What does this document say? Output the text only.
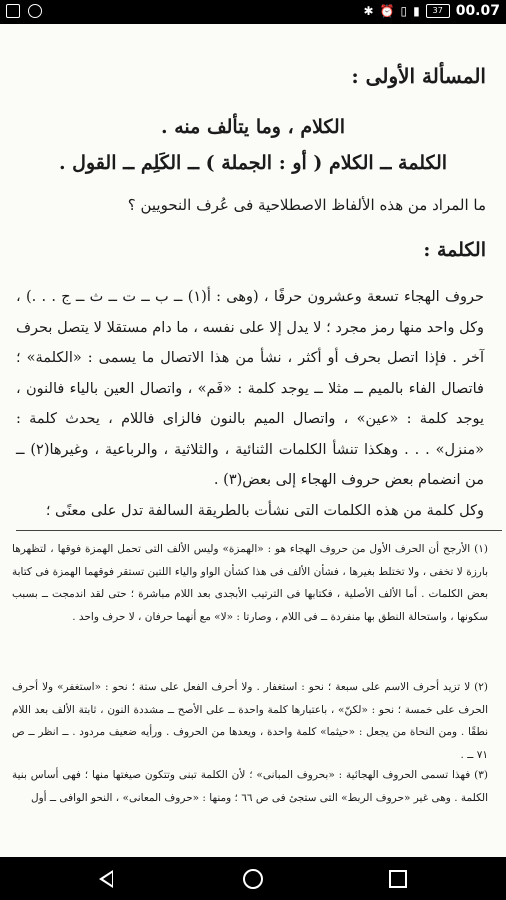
✱ ⏰ ▯ ▮	37 00.07
المسألة الأولى :
الكلام ، وما يتألف منه .
الكلمة ــ الكلام ( أو : الجملة ) ــ الكَلِم ــ القول .
ما المراد من هذه الألفاظ الاصطلاحية فى عُرف النحويين ؟
الكلمة :

حروف الهجاء تسعة وعشرون حرفًا ، (وهى : أ(١) ــ ب ــ ت ــ ث ــ ج . . .) ، وكل واحد منها رمز مجرد ؛ لا يدل إلا على نفسه ، ما دام مستقلا لا يتصل بحرف آخر . فإذا اتصل بحرف أو أكثر ، نشأ من هذا الاتصال ما يسمى : «الكلمة» ؛ فاتصال الفاء بالميم ــ مثلا ــ يوجد كلمة : «فَم» ، واتصال العين بالياء فالنون ، يوجد كلمة : «عين» ، واتصال الميم بالنون فالزاى فاللام ، يحدث كلمة : «منزل» . . . وهكذا تنشأ الكلمات الثنائية ، والثلاثية ، والرباعية ، وغيرها(٢) ــ من انضمام بعض حروف الهجاء إلى بعض(٣) .

وكل كلمة من هذه الكلمات التى نشأت بالطريقة السالفة تدل على معنًى ؛

(١) الأرجح أن الحرف الأول من حروف الهجاء هو : «الهمزة» وليس الألف التى تحمل الهمزة فوقها ، لتظهرها بارزة لا تخفى ، ولا تختلط بغيرها ، فشأن الألف فى هذا كشأن الواو والياء اللتين تستقر فوقهما الهمزة فى كتابة بعض الكلمات . أما الألف الأصلية ، فكتابها فى الترتيب الأبجدى بعد اللام مباشرة ؛ حتى لقد اندمجت ــ بسبب سكونها ، واستحالة النطق بها منفردة ــ فى اللام ، وصارتا : «لا» مع أنهما حرفان ، لا حرف واحد .
(٢) لا تزيد أحرف الاسم على سبعة ؛ نحو : استغفار . ولا أحرف الفعل على ستة ؛ نحو : «استغفر» ولا أحرف الحرف على خمسة ؛ نحو : «لكنّ» ، باعتبارها كلمة واحدة ــ على الأصح ــ مشددة النون ، ثابتة الألف بعد اللام نطقًا . ومن النحاة من يجعل : «حيثما» كلمة واحدة ، ويعدها من الحروف . ورأيه ضعيف مردود . ــ انظر ــ ص ٧١ ــ .
(٣) فهذا تسمى الحروف الهجائية : «بحروف المبانى» ؛ لأن الكلمة تبنى وتتكون صيغتها منها ؛ فهى أساس بنية الكلمة . وهى غير «حروف الربط» التى ستجئ فى ص ٦٦ ؛ ومنها : «حروف المعانى» ، النحو الوافى ــ أول
